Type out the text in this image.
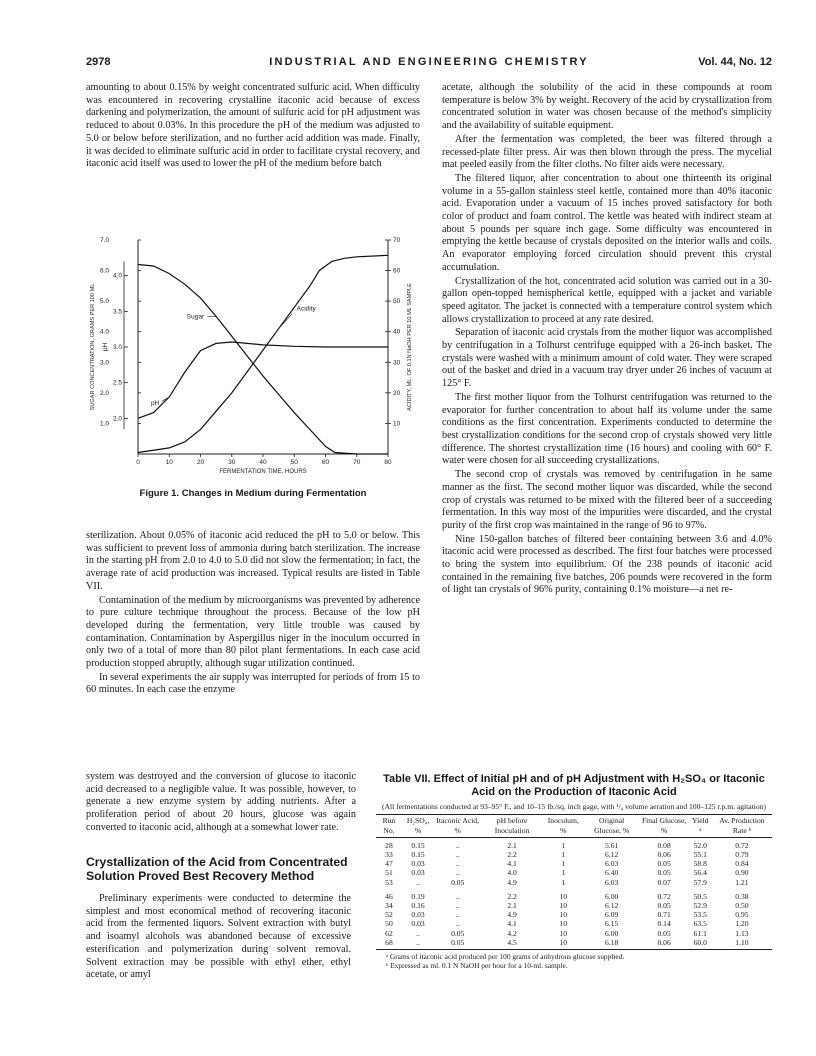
2978	INDUSTRIAL AND ENGINEERING CHEMISTRY	Vol. 44, No. 12

amounting to about 0.15% by weight concentrated sulfuric acid. When difficulty was encountered in recovering crystalline itaconic acid because of excess darkening and polymerization, the amount of sulfuric acid for pH adjustment was reduced to about 0.03%. In this procedure the pH of the medium was adjusted to 5.0 or below before sterilization, and no further acid addition was made. Finally, it was decided to eliminate sulfuric acid in order to facilitate crystal recovery, and itaconic acid itself was used to lower the pH of the medium before batch

0	10	20	30	40	50	60	70	80
FERMENTATION TIME, HOURS
1.0
2.0
3.0
4.0
5.0
6.0
7.0
2.0
2.5
3.0
3.5
4.0
10
20
30
40
50
60
70
SUGAR CONCENTRATION, GRAMS PER 100 ML pH	ACIDITY, ML. OF 0.1N NaOH PER 10 ML SAMPLE
Sugar
Acidity
pH
Figure 1. Changes in Medium during Fermentation

sterilization. About 0.05% of itaconic acid reduced the pH to 5.0 or below. This was sufficient to prevent loss of ammonia during batch sterilization. The increase in the starting pH from 2.0 to 4.0 to 5.0 did not slow the fermentation; in fact, the average rate of acid production was increased. Typical results are listed in Table VII.

Contamination of the medium by microorganisms was prevented by adherence to pure culture technique throughout the process. Because of the low pH developed during the fermentation, very little trouble was caused by contamination. Contamination by Aspergillus niger in the inoculum occurred in only two of a total of more than 80 pilot plant fermentations. In each case acid production stopped abruptly, although sugar utilization continued.

In several experiments the air supply was interrupted for periods of from 15 to 60 minutes. In each case the enzyme

system was destroyed and the conversion of glucose to itaconic acid decreased to a negligible value. It was possible, however, to generate a new enzyme system by adding nutrients. After a proliferation period of about 20 hours, glucose was again converted to itaconic acid, although at a somewhat lower rate.

Crystallization of the Acid from Concentrated Solution Proved Best Recovery Method

Preliminary experiments were conducted to determine the simplest and most economical method of recovering itaconic acid from the fermented liquors. Solvent extraction with butyl and isoamyl alcohols was abandoned because of excessive esterification and polymerization during solvent removal. Solvent extraction may be possible with ethyl ether, ethyl acetate, or amyl

acetate, although the solubility of the acid in these compounds at room temperature is below 3% by weight. Recovery of the acid by crystallization from concentrated solution in water was chosen because of the method's simplicity and the availability of suitable equipment.

After the fermentation was completed, the beer was filtered through a recessed-plate filter press. Air was then blown through the press. The mycelial mat peeled easily from the filter cloths. No filter aids were necessary.

The filtered liquor, after concentration to about one thirteenth its original volume in a 55-gallon stainless steel kettle, contained more than 40% itaconic acid. Evaporation under a vacuum of 15 inches proved satisfactory for both color of product and foam control. The kettle was heated with indirect steam at about 5 pounds per square inch gage. Some difficulty was encountered in emptying the kettle because of crystals deposited on the interior walls and coils. An evaporator employing forced circulation should prevent this crystal accumulation.

Crystallization of the hot, concentrated acid solution was carried out in a 30-gallon open-topped hemispherical kettle, equipped with a jacket and variable speed agitator. The jacket is connected with a temperature control system which allows crystallization to proceed at any rate desired.

Separation of itaconic acid crystals from the mother liquor was accomplished by centrifugation in a Tolhurst centrifuge equipped with a 26-inch basket. The crystals were washed with a minimum amount of cold water. They were scraped out of the basket and dried in a vacuum tray dryer under 26 inches of vacuum at 125° F.

The first mother liquor from the Tolhurst centrifugation was returned to the evaporator for further concentration to about half its volume under the same conditions as the first concentration. Experiments conducted to determine the best crystallization conditions for the second crop of crystals showed very little difference. The shortest crystallization time (16 hours) and cooling with 60° F. water were chosen for all succeeding crystallizations.

The second crop of crystals was removed by centrifugation in he same manner as the first. The second mother liquor was discarded, while the second crop of crystals was returned to be mixed with the filtered beer of a succeeding fermentation. In this way most of the impurities were discarded, and the crystal purity of the first crop was maintained in the range of 96 to 97%.

Nine 150-gallon batches of filtered beer containing between 3.6 and 4.0% itaconic acid were processed as described. The first four batches were processed to bring the system into equilibrium. Of the 238 pounds of itaconic acid contained in the remaining five batches, 206 pounds were recovered in the form of light tan crystals of 96% purity, containing 0.1% moisture—a net re-

Table VII. Effect of Initial pH and of pH Adjustment with H₂SO₄ or Itaconic Acid on the Production of Itaconic Acid
(All fermentations conducted at 93–95° F., and 10–15 lb./sq. inch gage, with ¹/₄ volume aeration and 100–125 r.p.m. agitation)
Run No.	H₂SO₄, %	Itaconic Acid, %	pH before Inoculation	Inoculum, %	Original Glucose, %	Final Glucose, %	Yield ᵃ	Av. Production Rate ᵇ
28	0.15	..	2.1	1	5.61	0.08	52.0	0.72
33	0.15	..	2.2	1	6.12	0.06	55.1	0.79
47	0.03	..	4.1	1	6.03	0.05	58.8	0.84
51	0.03	..	4.0	1	6.40	0.05	56.4	0.90
53	..	0.05	4.9	1	6.03	0.07	57.9	1.21
46	0.19	..	2.2	10	6.00	0.72	50.5	0.38
34	0.16	..	2.1	10	6.12	0.05	52.9	0.50
52	0.03	..	4.9	10	6.09	0.71	53.5	0.95
50	0.03	..	4.1	10	6.15	0.14	63.5	1.20
62	..	0.05	4.2	10	6.00	0.05	61.1	1.13
68	..	0.05	4.5	10	6.18	0.06	60.0	1.10
ᵃ Grams of itaconic acid produced per 100 grams of anhydrous glucose supplied.								
ᵇ Expressed as ml. 0.1 N NaOH per hour for a 10-ml. sample.								
